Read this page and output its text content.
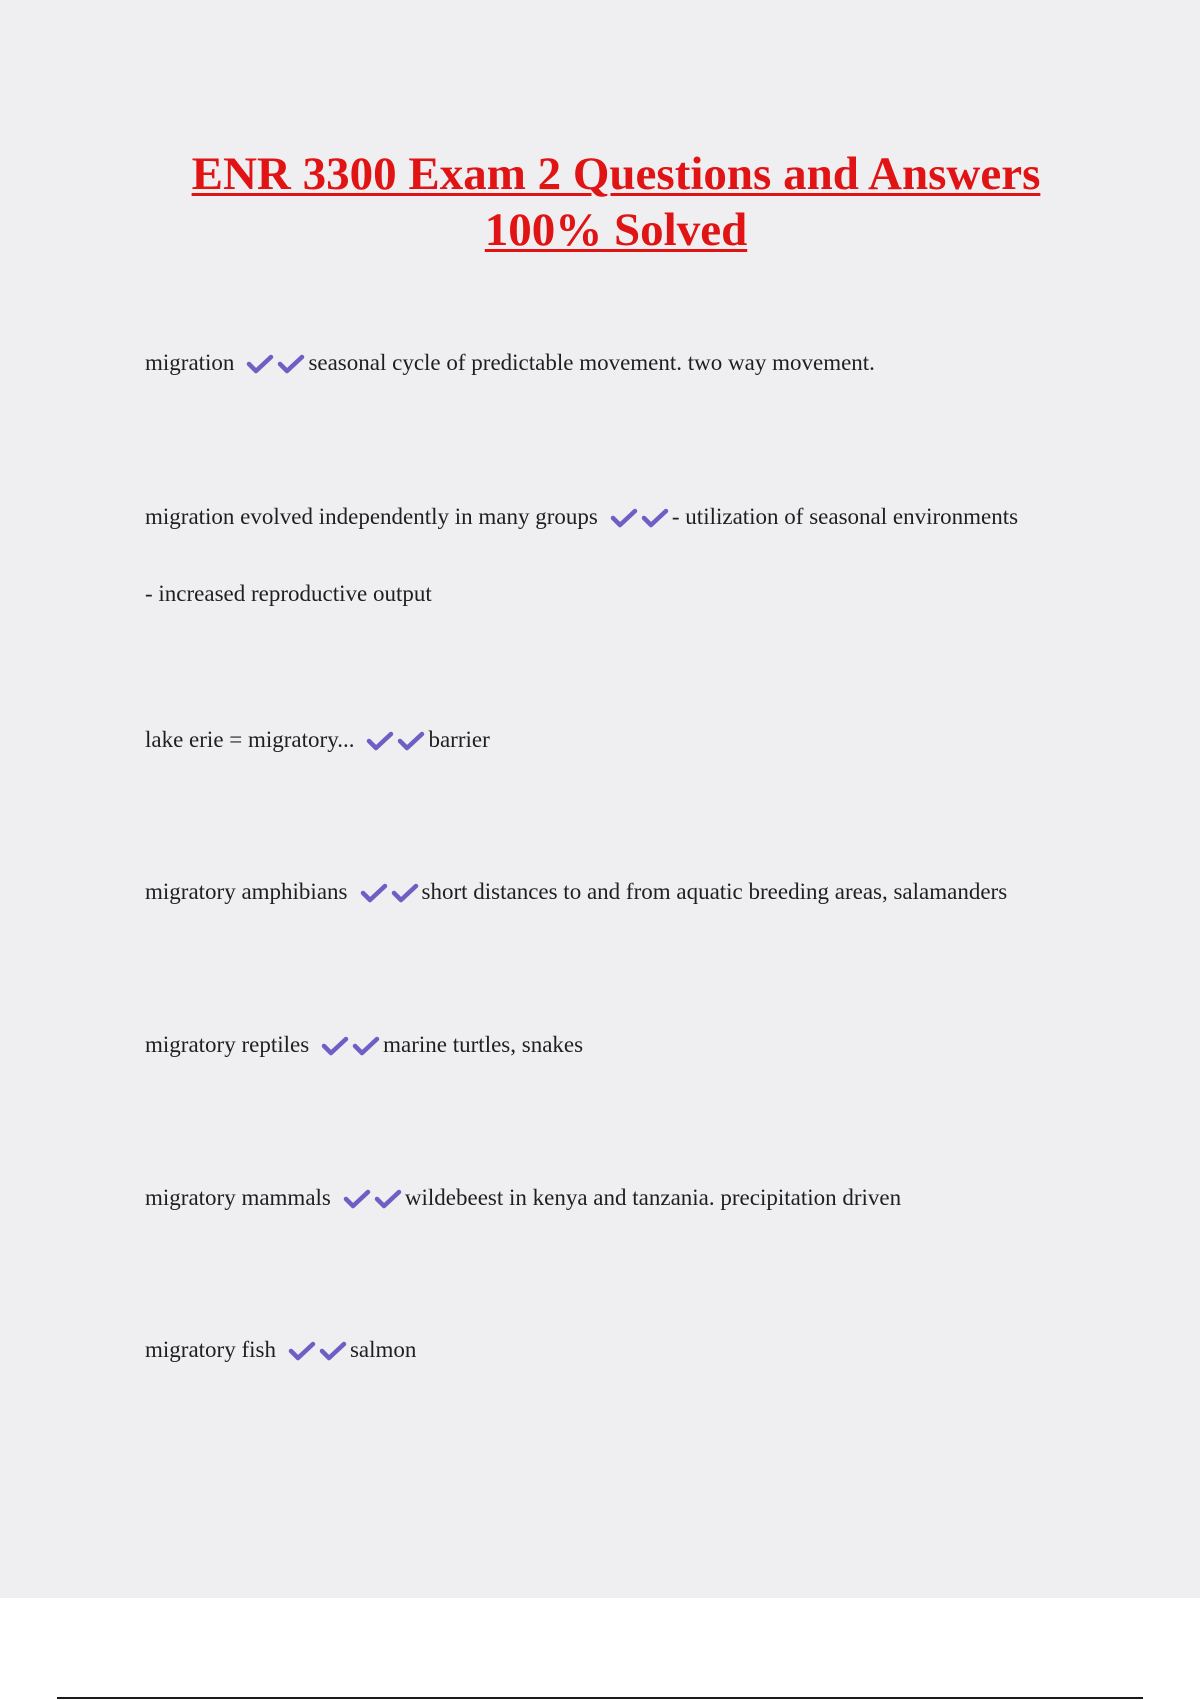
ENR 3300 Exam 2 Questions and Answers
100% Solved
migration	seasonal cycle of predictable movement. two way movement.
migration evolved independently in many groups	- utilization of seasonal environments
- increased reproductive output
lake erie = migratory...	barrier
migratory amphibians	short distances to and from aquatic breeding areas, salamanders
migratory reptiles	marine turtles, snakes
migratory mammals	wildebeest in kenya and tanzania. precipitation driven
migratory fish	salmon
